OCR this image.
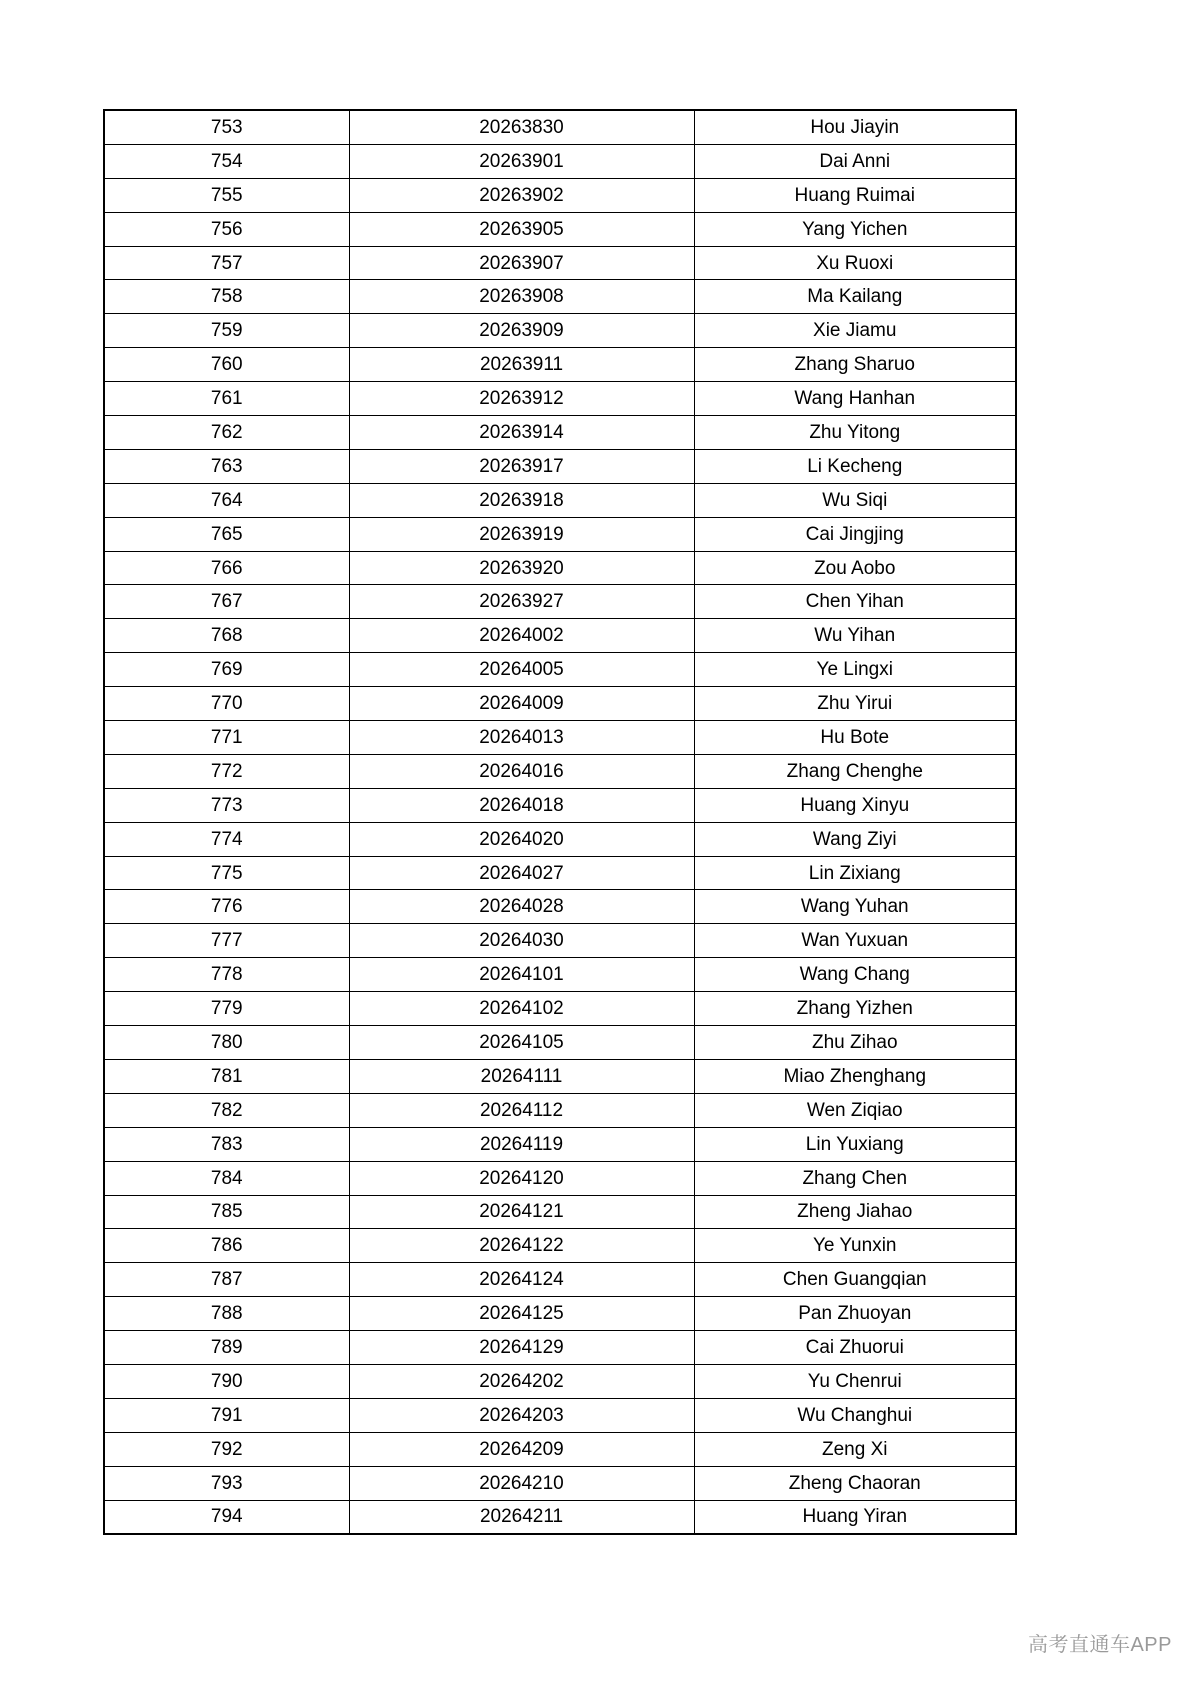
753	20263830	Hou Jiayin
754	20263901	Dai Anni
755	20263902	Huang Ruimai
756	20263905	Yang Yichen
757	20263907	Xu Ruoxi
758	20263908	Ma Kailang
759	20263909	Xie Jiamu
760	20263911	Zhang Sharuo
761	20263912	Wang Hanhan
762	20263914	Zhu Yitong
763	20263917	Li Kecheng
764	20263918	Wu Siqi
765	20263919	Cai Jingjing
766	20263920	Zou Aobo
767	20263927	Chen Yihan
768	20264002	Wu Yihan
769	20264005	Ye Lingxi
770	20264009	Zhu Yirui
771	20264013	Hu Bote
772	20264016	Zhang Chenghe
773	20264018	Huang Xinyu
774	20264020	Wang Ziyi
775	20264027	Lin Zixiang
776	20264028	Wang Yuhan
777	20264030	Wan Yuxuan
778	20264101	Wang Chang
779	20264102	Zhang Yizhen
780	20264105	Zhu Zihao
781	20264111	Miao Zhenghang
782	20264112	Wen Ziqiao
783	20264119	Lin Yuxiang
784	20264120	Zhang Chen
785	20264121	Zheng Jiahao
786	20264122	Ye Yunxin
787	20264124	Chen Guangqian
788	20264125	Pan Zhuoyan
789	20264129	Cai Zhuorui
790	20264202	Yu Chenrui
791	20264203	Wu Changhui
792	20264209	Zeng Xi
793	20264210	Zheng Chaoran
794	20264211	Huang Yiran
高考直通车APP
